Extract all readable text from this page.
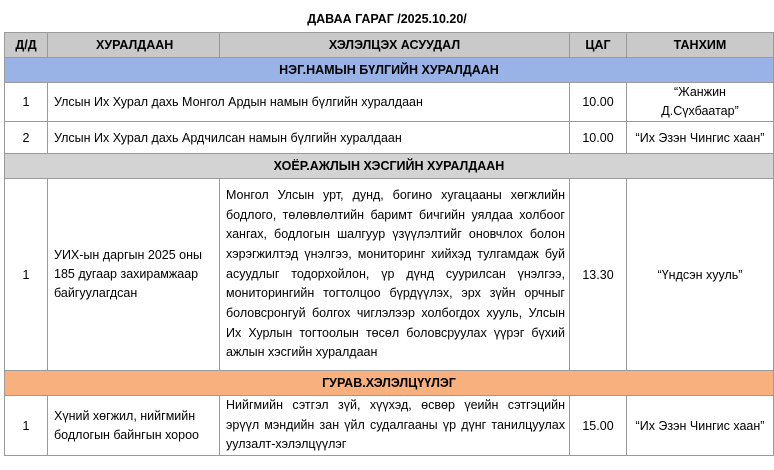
ДАВАА ГАРАГ /2025.10.20/
Д/Д	ХУРАЛДААН	ХЭЛЭЛЦЭХ АСУУДАЛ	ЦАГ	ТАНХИМ
НЭГ.НАМЫН БҮЛГИЙН ХУРАЛДААН				
1	Улсын Их Хурал дахь Монгол Ардын намын бүлгийн хуралдаан		10.00	“Жанжин Д.Сүхбаатар”
2	Улсын Их Хурал дахь Ардчилсан намын бүлгийн хуралдаан		10.00	“Их Эзэн Чингис хаан”
ХОЁР.АЖЛЫН ХЭСГИЙН ХУРАЛДААН				
1	УИХ-ын даргын 2025 оны 185 дугаар захирамжаар байгуулагдсан	Монгол Улсын урт, дунд, богино хугацааны хөгжлийн бодлого, төлөвлөлтийн баримт бичгийн уялдаа холбоог хангах, бодлогын шалгуур үзүүлэлтийг оновчлох болон хэрэгжилтэд үнэлгээ, мониторинг хийхэд тулгамдаж буй асуудлыг тодорхойлон, үр дүнд суурилсан үнэлгээ, мониторингийн тогтолцоо бүрдүүлэх, эрх зүйн орчныг боловсронгуй болгох чиглэлээр холбогдох хууль, Улсын Их Хурлын тогтоолын төсөл боловсруулах үүрэг бүхий ажлын хэсгийн хуралдаан	13.30	“Үндсэн хууль”
ГУРАВ.ХЭЛЭЛЦҮҮЛЭГ				
1	Хүний хөгжил, нийгмийн бодлогын байнгын хороо	Нийгмийн сэтгэл зүй, хүүхэд, өсвөр үеийн сэтгэцийн эрүүл мэндийн зан үйл судалгааны үр дүнг танилцуулах уулзалт-хэлэлцүүлэг	15.00	“Их Эзэн Чингис хаан”
